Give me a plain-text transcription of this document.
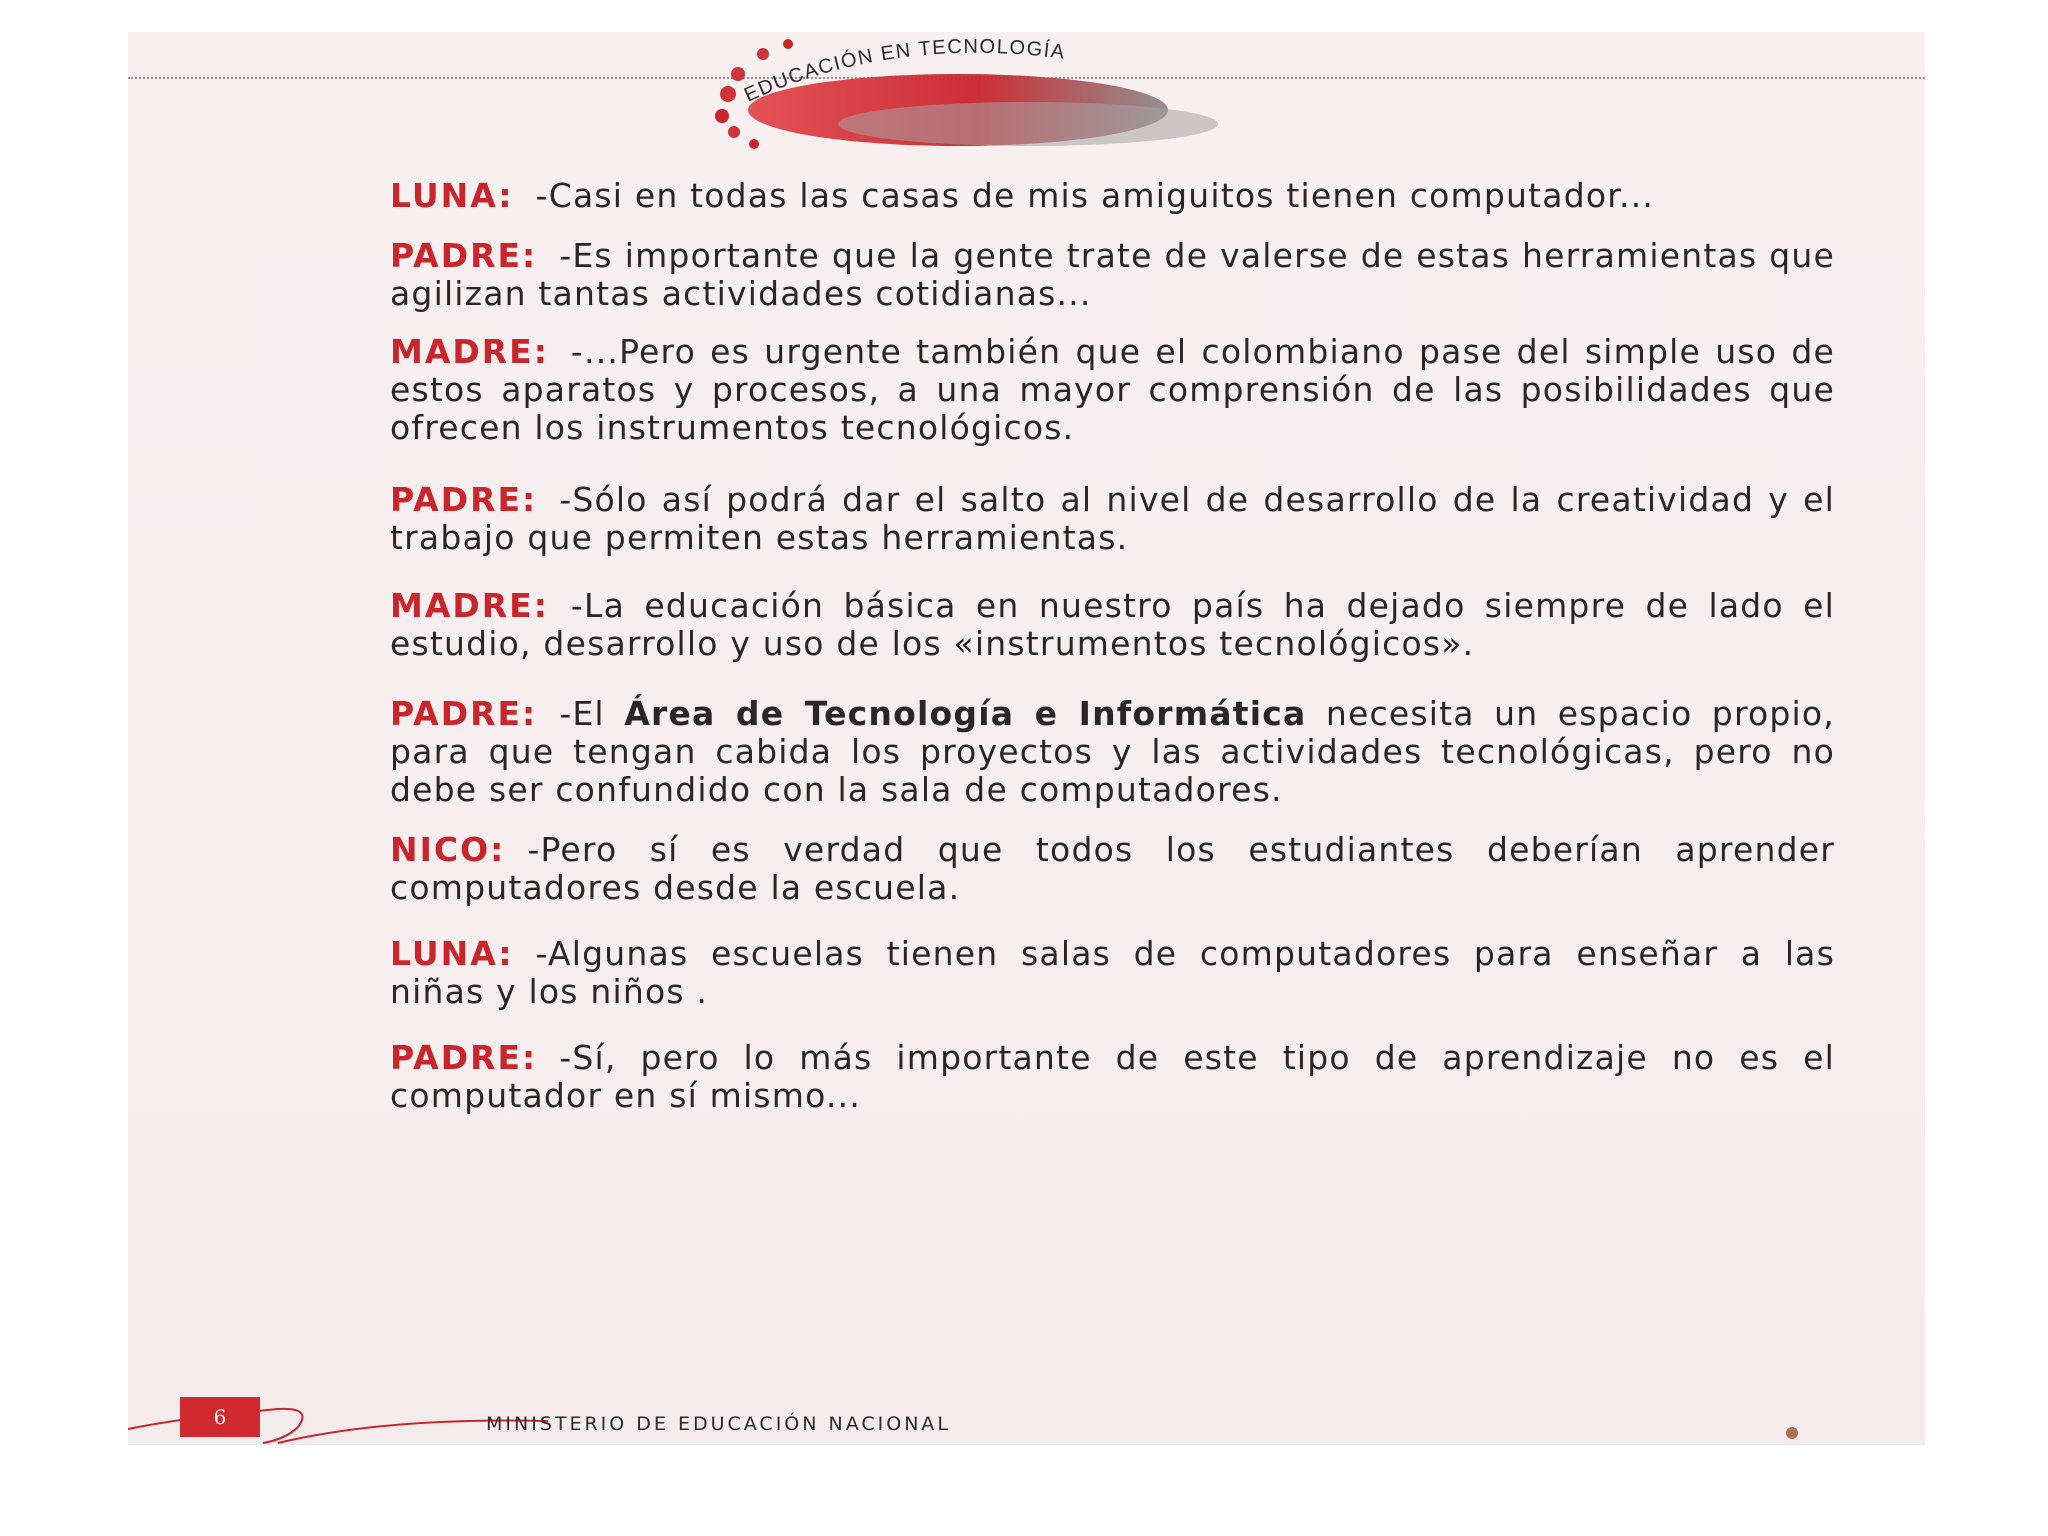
EDUCACIÓN EN TECNOLOGÍA

LUNA: -Casi en todas las casas de mis amiguitos tienen computador...

PADRE: -Es importante que la gente trate de valerse de estas herramientas que agilizan tantas actividades cotidianas...

MADRE: -...Pero es urgente también que el colombiano pase del simple uso de estos aparatos y procesos, a una mayor comprensión de las posibilidades que ofrecen los instrumentos tecnológicos.

PADRE: -Sólo así podrá dar el salto al nivel de desarrollo de la creatividad y el trabajo que permiten estas herramientas.

MADRE: -La educación básica en nuestro país ha dejado siempre de lado el estudio, desarrollo y uso de los «instrumentos tecnológicos».

PADRE: -El Área de Tecnología e Informática necesita un espacio propio, para que tengan cabida los proyectos y las actividades tecnológicas, pero no debe ser confundido con la sala de computadores.

NICO: -Pero sí es verdad que todos los estudiantes deberían aprender computadores desde la escuela.

LUNA: -Algunas escuelas tienen salas de computadores para enseñar a las niñas y los niños .

PADRE: -Sí, pero lo más importante de este tipo de aprendizaje no es el computador en sí mismo...

6	MINISTERIO DE EDUCACIÓN NACIONAL
